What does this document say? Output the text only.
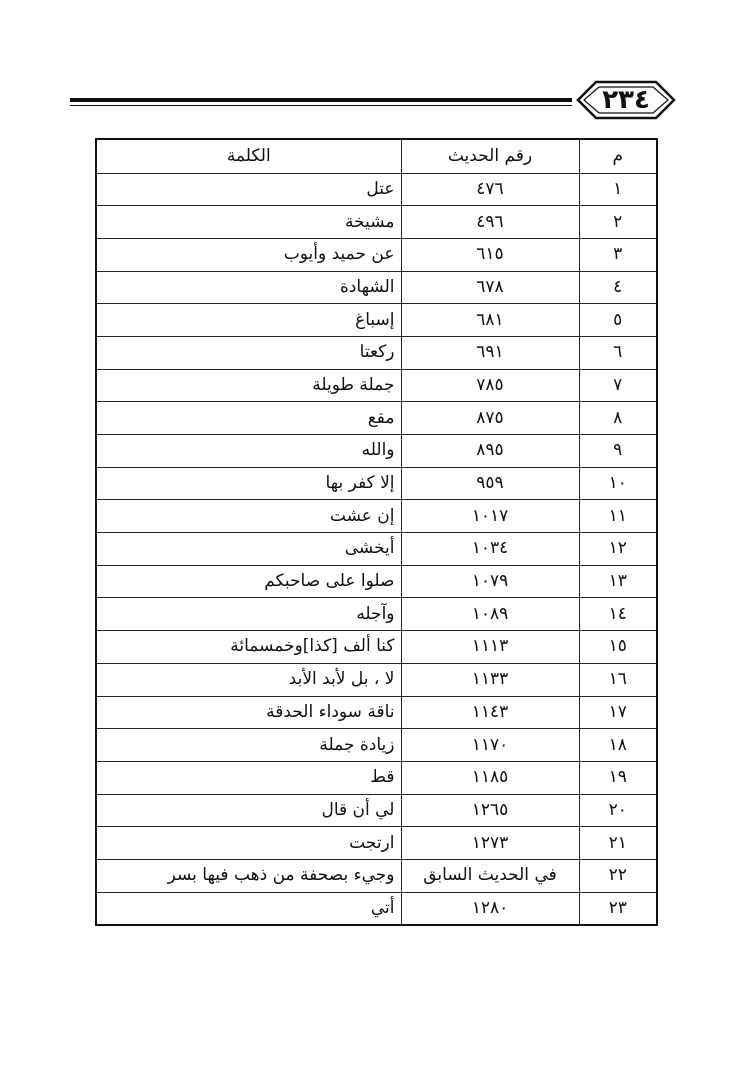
٢٣٤
م	رقم الحديث	الكلمة
١	٤٧٦	عتل
٢	٤٩٦	مشيخة
٣	٦١٥	عن حميد وأيوب
٤	٦٧٨	الشهادة
٥	٦٨١	إسباغ
٦	٦٩١	ركعتا
٧	٧٨٥	جملة طويلة
٨	٨٧٥	مقع
٩	٨٩٥	والله
١٠	٩٥٩	إلا كفر بها
١١	١٠١٧	إن عشت
١٢	١٠٣٤	أيخشى
١٣	١٠٧٩	صلوا على صاحبكم
١٤	١٠٨٩	وآجله
١٥	١١١٣	كنا ألف [كذا]وخمسمائة
١٦	١١٣٣	لا ، بل لأبد الأبد
١٧	١١٤٣	ناقة سوداء الحدقة
١٨	١١٧٠	زيادة جملة
١٩	١١٨٥	قط
٢٠	١٢٦٥	لي أن قال
٢١	١٢٧٣	ارتجت
٢٢	في الحديث السابق	وجيء بصحفة من ذهب فيها بسر
٢٣	١٢٨٠	أتي
